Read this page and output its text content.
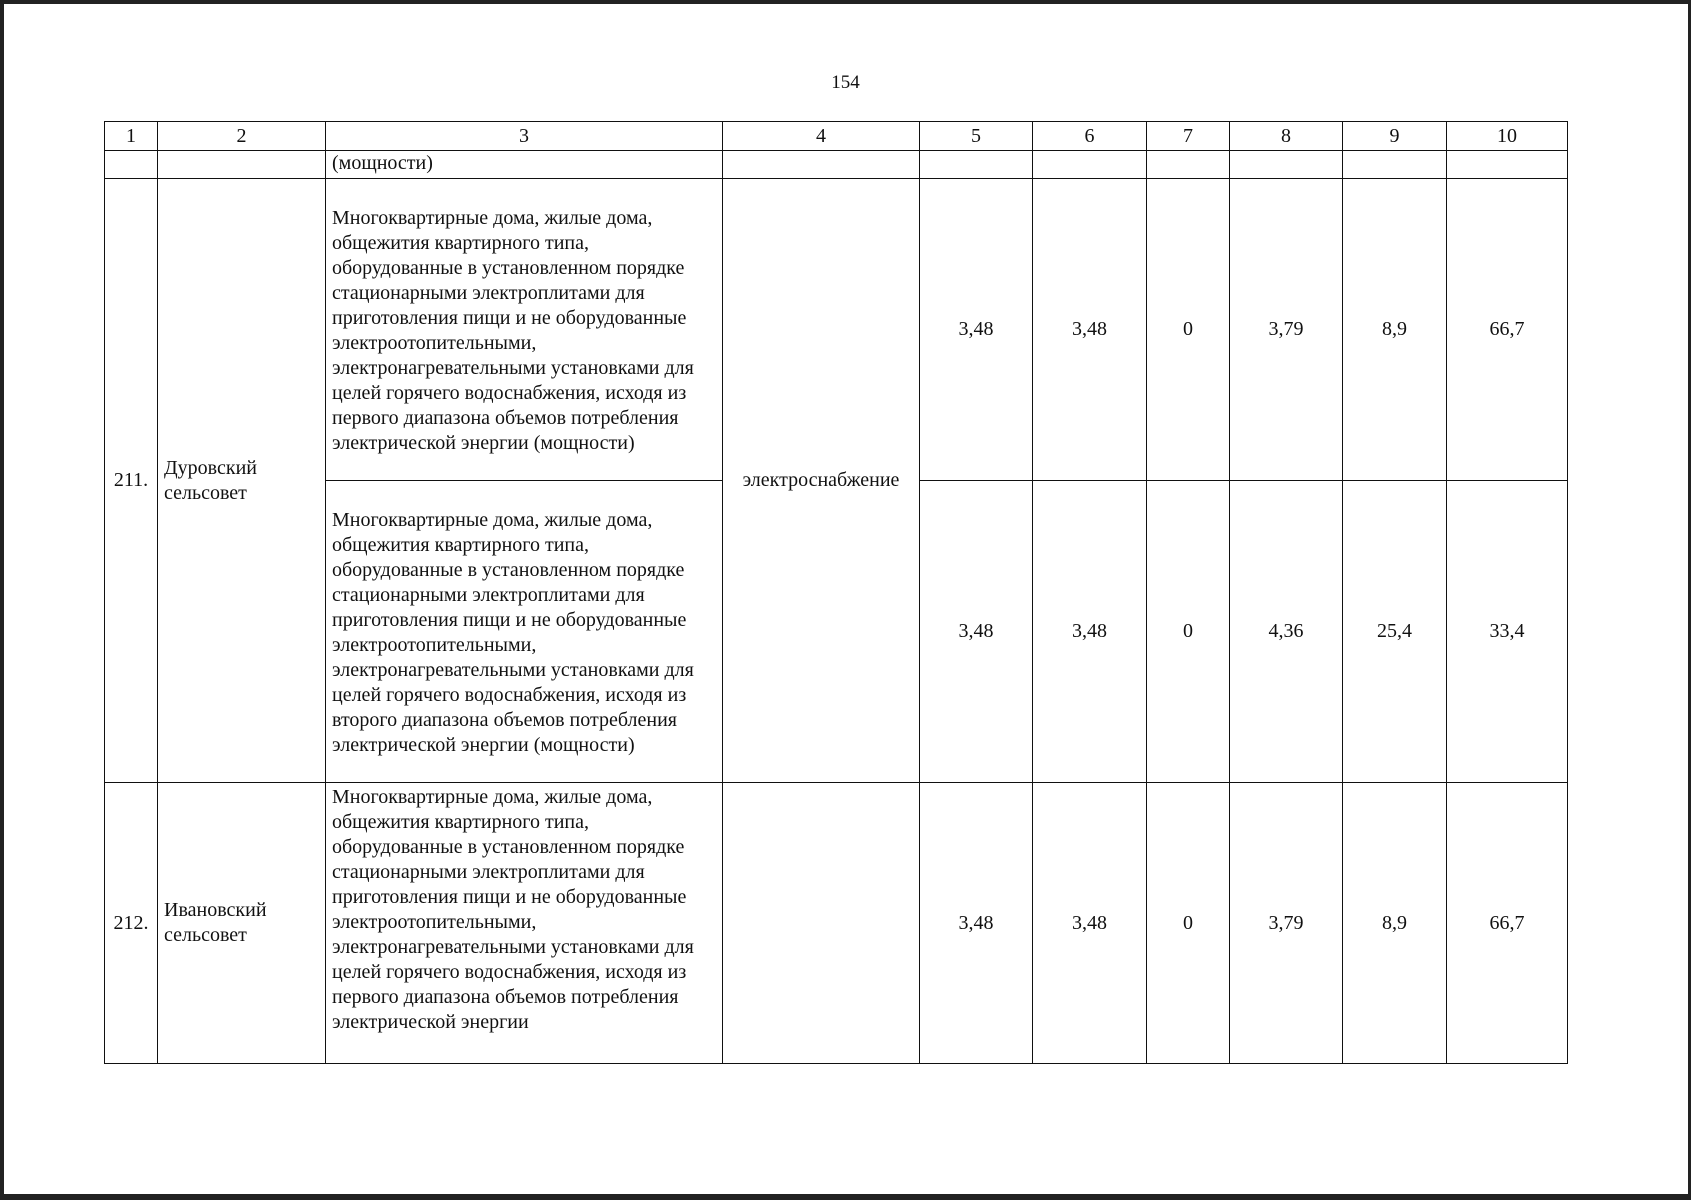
154
1	2	3	4	5	6	7	8	9	10
		(мощности)							
211.	Дуровский сельсовет	Многоквартирные дома, жилые дома, общежития квартирного типа, оборудованные в установленном порядке стационарными электроплитами для приготовления пищи и не оборудованные электроотопительными, электронагревательными установками для целей горячего водоснабжения, исходя из первого диапазона объемов потребления электрической энергии (мощности)	электроснабжение	3,48	3,48	0	3,79	8,9	66,7
		Многоквартирные дома, жилые дома, общежития квартирного типа, оборудованные в установленном порядке стационарными электроплитами для приготовления пищи и не оборудованные электроотопительными, электронагревательными установками для целей горячего водоснабжения, исходя из второго диапазона объемов потребления электрической энергии (мощности)		3,48	3,48	0	4,36	25,4	33,4
212.	Ивановский сельсовет	Многоквартирные дома, жилые дома, общежития квартирного типа, оборудованные в установленном порядке стационарными электроплитами для приготовления пищи и не оборудованные электроотопительными, электронагревательными установками для целей горячего водоснабжения, исходя из первого диапазона объемов потребления электрической энергии		3,48	3,48	0	3,79	8,9	66,7
